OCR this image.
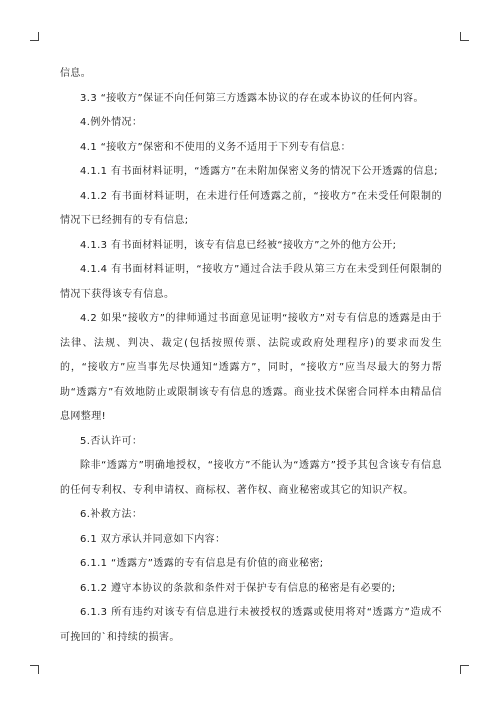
信息。

3.3 “接收方”保证不向任何第三方透露本协议的存在或本协议的任何内容。

4.例外情况：

4.1 “接收方”保密和不使用的义务不适用于下列专有信息：

4.1.1 有书面材料证明，“透露方”在未附加保密义务的情况下公开透露的信息;

4.1.2 有书面材料证明，在未进行任何透露之前，“接收方”在未受任何限制的情况下已经拥有的专有信息;

4.1.3 有书面材料证明，该专有信息已经被“接收方”之外的他方公开;

4.1.4 有书面材料证明，“接收方”通过合法手段从第三方在未受到任何限制的情况下获得该专有信息。

4.2 如果“接收方”的律师通过书面意见证明“接收方”对专有信息的透露是由于法律、法规、判决、裁定(包括按照传票、法院或政府处理程序)的要求而发生的，“接收方”应当事先尽快通知“透露方”，同时，“接收方”应当尽最大的努力帮助“透露方”有效地防止或限制该专有信息的透露。商业技术保密合同样本由精品信息网整理!

5.否认许可：

除非“透露方”明确地授权，“接收方”不能认为“透露方”授予其包含该专有信息的任何专利权、专利申请权、商标权、著作权、商业秘密或其它的知识产权。

6.补救方法：

6.1 双方承认并同意如下内容：

6.1.1 “透露方”透露的专有信息是有价值的商业秘密;

6.1.2 遵守本协议的条款和条件对于保护专有信息的秘密是有必要的;

6.1.3 所有违约对该专有信息进行未被授权的透露或使用将对“透露方”造成不可挽回的`和持续的损害。
